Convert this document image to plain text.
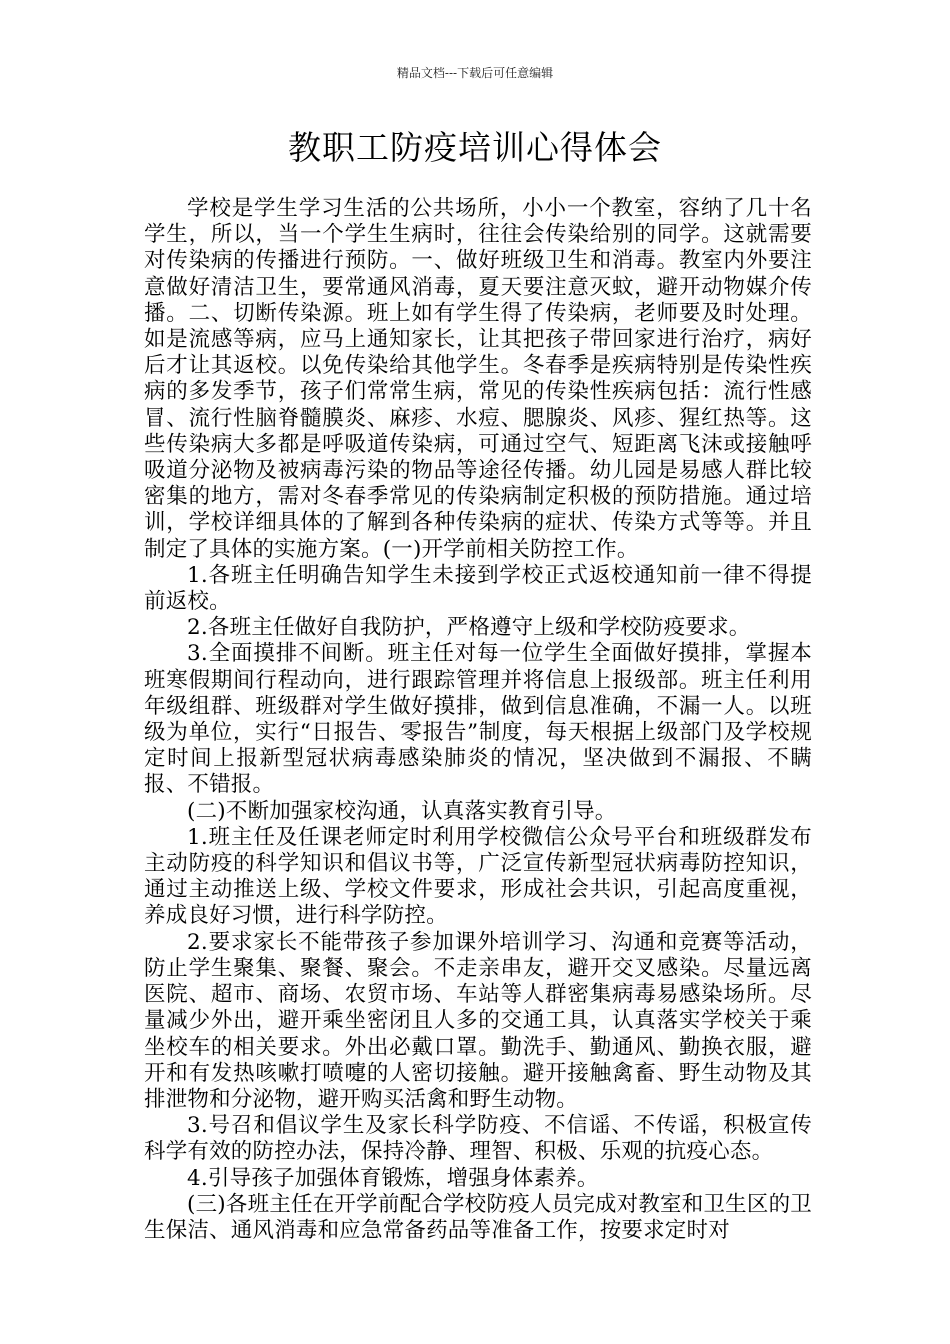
精品文档---下载后可任意编辑
教职工防疫培训心得体会

学校是学生学习生活的公共场所，小小一个教室，容纳了几十名学生，所以，当一个学生生病时，往往会传染给别的同学。这就需要对传染病的传播进行预防。一、做好班级卫生和消毒。教室内外要注意做好清洁卫生，要常通风消毒，夏天要注意灭蚊，避开动物媒介传播。二、切断传染源。班上如有学生得了传染病，老师要及时处理。如是流感等病，应马上通知家长，让其把孩子带回家进行治疗，病好后才让其返校。以免传染给其他学生。冬春季是疾病特别是传染性疾病的多发季节，孩子们常常生病，常见的传染性疾病包括：流行性感冒、流行性脑脊髓膜炎、麻疹、水痘、腮腺炎、风疹、猩红热等。这些传染病大多都是呼吸道传染病，可通过空气、短距离飞沫或接触呼吸道分泌物及被病毒污染的物品等途径传播。幼儿园是易感人群比较密集的地方，需对冬春季常见的传染病制定积极的预防措施。通过培训，学校详细具体的了解到各种传染病的症状、传染方式等等。并且制定了具体的实施方案。(一)开学前相关防控工作。

1.各班主任明确告知学生未接到学校正式返校通知前一律不得提前返校。

2.各班主任做好自我防护，严格遵守上级和学校防疫要求。

3.全面摸排不间断。班主任对每一位学生全面做好摸排，掌握本班寒假期间行程动向，进行跟踪管理并将信息上报级部。班主任利用年级组群、班级群对学生做好摸排，做到信息准确，不漏一人。以班级为单位，实行“日报告、零报告”制度，每天根据上级部门及学校规定时间上报新型冠状病毒感染肺炎的情况，坚决做到不漏报、不瞒报、不错报。

(二)不断加强家校沟通，认真落实教育引导。

1.班主任及任课老师定时利用学校微信公众号平台和班级群发布主动防疫的科学知识和倡议书等，广泛宣传新型冠状病毒防控知识，通过主动推送上级、学校文件要求，形成社会共识，引起高度重视，养成良好习惯，进行科学防控。

2.要求家长不能带孩子参加课外培训学习、沟通和竞赛等活动，防止学生聚集、聚餐、聚会。不走亲串友，避开交叉感染。尽量远离医院、超市、商场、农贸市场、车站等人群密集病毒易感染场所。尽量减少外出，避开乘坐密闭且人多的交通工具，认真落实学校关于乘坐校车的相关要求。外出必戴口罩。勤洗手、勤通风、勤换衣服，避开和有发热咳嗽打喷嚏的人密切接触。避开接触禽畜、野生动物及其排泄物和分泌物，避开购买活禽和野生动物。

3.号召和倡议学生及家长科学防疫、不信谣、不传谣，积极宣传科学有效的防控办法，保持冷静、理智、积极、乐观的抗疫心态。

4.引导孩子加强体育锻炼，增强身体素养。

(三)各班主任在开学前配合学校防疫人员完成对教室和卫生区的卫生保洁、通风消毒和应急常备药品等准备工作，按要求定时对
